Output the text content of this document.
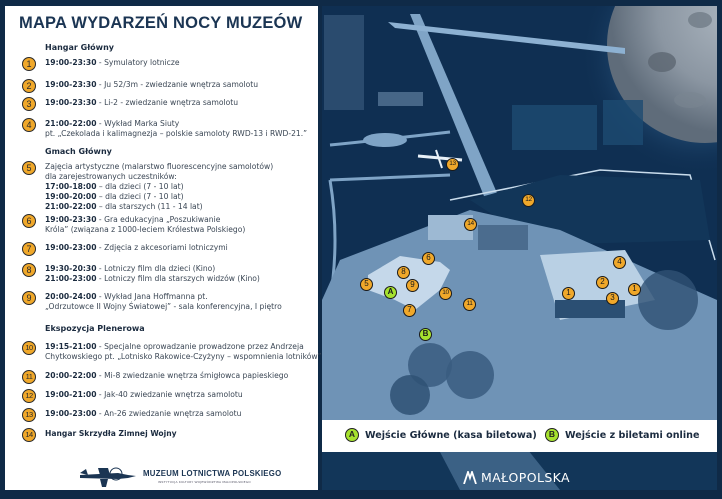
MAPA WYDARZEŃ NOCY MUZEÓW
Hangar Główny
Gmach Główny
Ekspozycja Plenerowa
1	19:00-23:30 - Symulatory lotnicze
2	19:00-23:30 - Ju 52/3m - zwiedzanie wnętrza samolotu
3	19:00-23:30 - Li-2 - zwiedzanie wnętrza samolotu
4	21:00-22:00 - Wykład Marka Siuty
pt. „Czekolada i kalimagnezja – polskie samoloty RWD-13 i RWD-21.”
5	Zajęcia artystyczne (malarstwo fluorescencyjne samolotów)
dla zarejestrowanych uczestników:
17:00-18:00 – dla dzieci (7 - 10 lat)
19:00-20:00 – dla dzieci (7 - 10 lat)
21:00-22:00 – dla starszych (11 - 14 lat)
6	19:00-23:30 - Gra edukacyjna „Poszukiwanie
Króla” (związana z 1000-leciem Królestwa Polskiego)
7	19:00-23:00 - Zdjęcia z akcesoriami lotniczymi
8	19:30-20:30 - Lotniczy film dla dzieci (Kino)
21:00-23:00 - Lotniczy film dla starszych widzów (Kino)
9	20:00-24:00 - Wykład Jana Hoffmanna pt.
„Odrzutowce II Wojny Światowej” - sala konferencyjna, I piętro
10	19:15-21:00 - Specjalne oprowadzanie prowadzone przez Andrzeja
Chytkowskiego pt. „Lotnisko Rakowice-Czyżyny – wspomnienia lotników”
11	20:00-22:00 - Mi-8 zwiedzanie wnętrza śmigłowca papieskiego
12	19:00-21:00 - Jak-40 zwiedzanie wnętrza samolotu
13	19:00-23:00 - An-26 zwiedzanie wnętrza samolotu
14	Hangar Skrzydła Zimnej Wojny
MUZEUM LOTNICTWA POLSKIEGO
INSTYTUCJA KULTURY WOJEWÓDZTWA MAŁOPOLSKIEGO
1	1
2
3
4
5
6
7
8
9
10
11
12
13
14
A
B
A	Wejście Główne (kasa biletowa)	B	Wejście z biletami online
MAŁOPOLSKA
